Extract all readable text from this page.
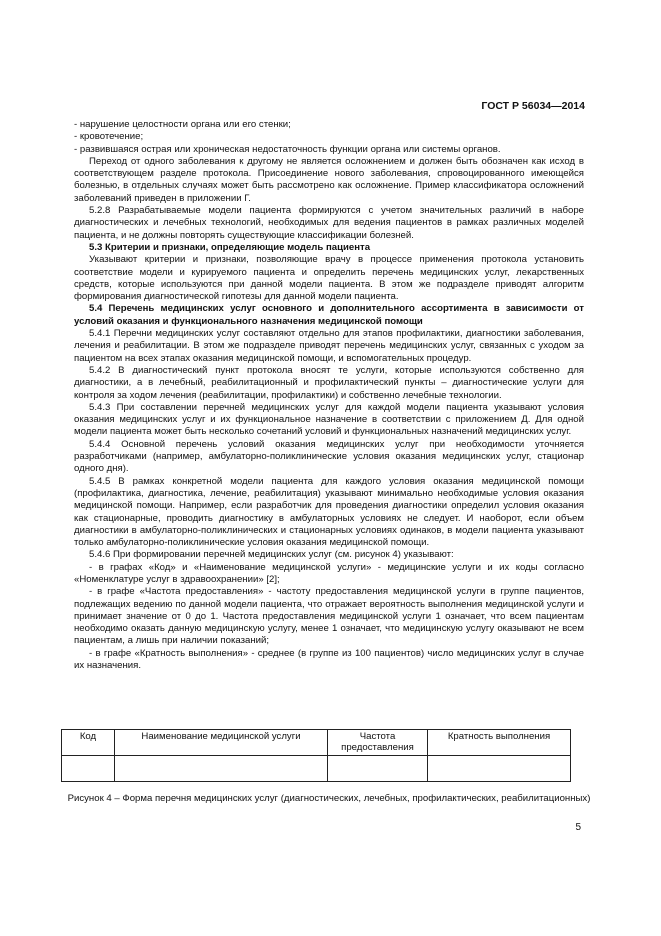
ГОСТ Р 56034—2014

- нарушение целостности органа или его стенки;

- кровотечение;

- развившаяся острая или хроническая недостаточность функции органа или системы органов.

Переход от одного заболевания к другому не является осложнением и должен быть обозначен как исход в соответствующем разделе протокола. Присоединение нового заболевания, спровоцированного имеющейся болезнью, в отдельных случаях может быть рассмотрено как осложнение. Пример классификатора осложнений заболеваний приведен в приложении Г.

5.2.8 Разрабатываемые модели пациента формируются с учетом значительных различий в наборе диагностических и лечебных технологий, необходимых для ведения пациентов в рамках различных моделей пациента, и не должны повторять существующие классификации болезней.

5.3 Критерии и признаки, определяющие модель пациента

Указывают критерии и признаки, позволяющие врачу в процессе применения протокола установить соответствие модели и курируемого пациента и определить перечень медицинских услуг, лекарственных средств, которые используются при данной модели пациента. В этом же подразделе приводят алгоритм формирования диагностической гипотезы для данной модели пациента.

5.4 Перечень медицинских услуг основного и дополнительного ассортимента в зависимости от условий оказания и функционального назначения медицинской помощи

5.4.1 Перечни медицинских услуг составляют отдельно для этапов профилактики, диагностики заболевания, лечения и реабилитации. В этом же подразделе приводят перечень медицинских услуг, связанных с уходом за пациентом на всех этапах оказания медицинской помощи, и вспомогательных процедур.

5.4.2 В диагностический пункт протокола вносят те услуги, которые используются собственно для диагностики, а в лечебный, реабилитационный и профилактический пункты – диагностические услуги для контроля за ходом лечения (реабилитации, профилактики) и собственно лечебные технологии.

5.4.3 При составлении перечней медицинских услуг для каждой модели пациента указывают условия оказания медицинских услуг и их функциональное назначение в соответствии с приложением Д. Для одной модели пациента может быть несколько сочетаний условий и функциональных назначений медицинских услуг.

5.4.4 Основной перечень условий оказания медицинских услуг при необходимости уточняется разработчиками (например, амбулаторно-поликлинические условия оказания медицинских услуг, стационар одного дня).

5.4.5 В рамках конкретной модели пациента для каждого условия оказания медицинской помощи (профилактика, диагностика, лечение, реабилитация) указывают минимально необходимые условия оказания медицинской помощи. Например, если разработчик для проведения диагностики определил условия оказания как стационарные, проводить диагностику в амбулаторных условиях не следует. И наоборот, если объем диагностики в амбулаторно-поликлинических и стационарных условиях одинаков, в модели пациента указывают только амбулаторно-поликлинические условия оказания медицинской помощи.

5.4.6 При формировании перечней медицинских услуг (см. рисунок 4) указывают:

- в графах «Код» и «Наименование медицинской услуги» - медицинские услуги и их коды согласно «Номенклатуре услуг в здравоохранении» [2];

- в графе «Частота предоставления» - частоту предоставления медицинской услуги в группе пациентов, подлежащих ведению по данной модели пациента, что отражает вероятность выполнения медицинской услуги и принимает значение от 0 до 1. Частота предоставления медицинской услуги 1 означает, что всем пациентам необходимо оказать данную медицинскую услугу, менее 1 означает, что медицинскую услугу оказывают не всем пациентам, а лишь при наличии показаний;

- в графе «Кратность выполнения» - среднее (в группе из 100 пациентов) число медицинских услуг в случае их назначения.

Код	Наименование медицинской услуги	Частота предоставления	Кратность выполнения

Рисунок 4 – Форма перечня медицинских услуг (диагностических, лечебных, профилактических, реабилитационных)
5
